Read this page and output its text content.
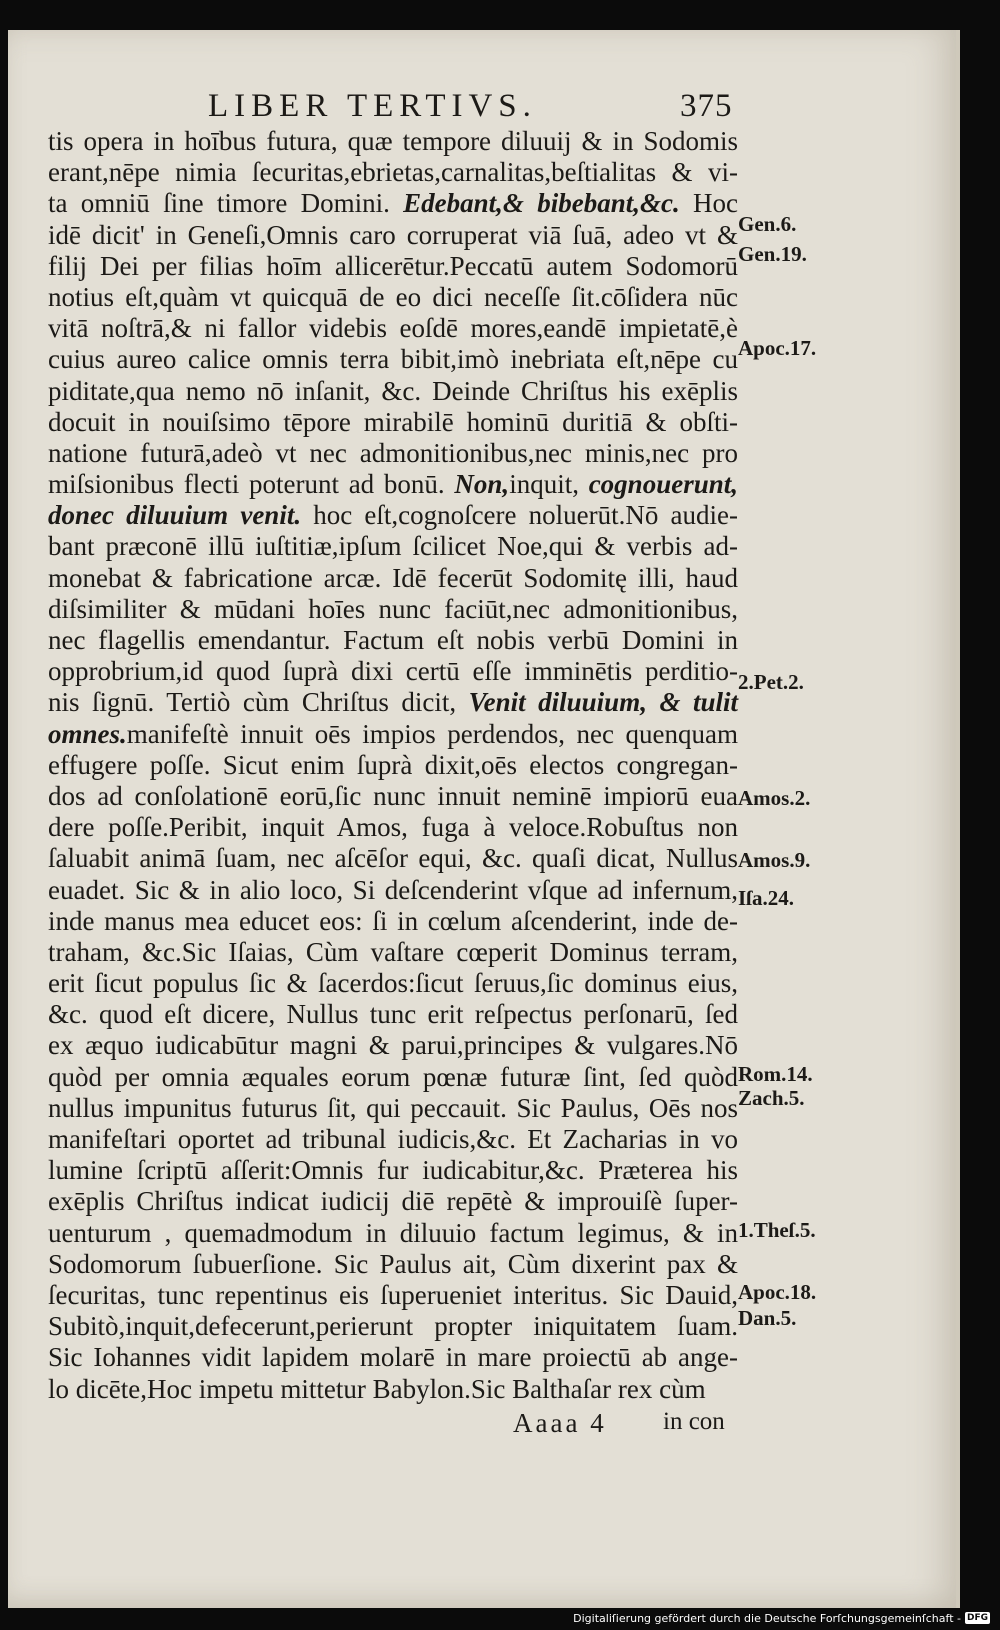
LIBER TERTIVS.	375
tis opera in hoībus futura, quæ tempore diluuij & in Sodomis
erant,nēpe nimia ſecuritas,ebrietas,carnalitas,beſtialitas & vi-
ta omniū ſine timore Domini. Edebant,& bibebant,&c. Hoc
idē dicit' in Geneſi,Omnis caro corruperat viā ſuā, adeo vt &
filij Dei per filias hoīm allicerētur.Peccatū autem Sodomorū
notius eſt,quàm vt quicquā de eo dici neceſſe ſit.cōſidera nūc
vitā noſtrā,& ni fallor videbis eoſdē mores,eandē impietatē,è
cuius aureo calice omnis terra bibit,imò inebriata eſt,nēpe cu
piditate,qua nemo nō inſanit, &c. Deinde Chriſtus his exēplis
docuit in nouiſsimo tēpore mirabilē hominū duritiā & obſti-
natione futurā,adeò vt nec admonitionibus,nec minis,nec pro
miſsionibus flecti poterunt ad bonū. Non,inquit, cognouerunt,
donec diluuium venit. hoc eſt,cognoſcere noluerūt.Nō audie-
bant præconē illū iuſtitiæ,ipſum ſcilicet Noe,qui & verbis ad-
monebat & fabricatione arcæ. Idē fecerūt Sodomitę illi, haud
diſsimiliter & mūdani hoīes nunc faciūt,nec admonitionibus,
nec flagellis emendantur. Factum eſt nobis verbū Domini in
opprobrium,id quod ſuprà dixi certū eſſe imminētis perditio-
nis ſignū. Tertiò cùm Chriſtus dicit, Venit diluuium, & tulit
omnes.manifeſtè innuit oēs impios perdendos, nec quenquam
effugere poſſe. Sicut enim ſuprà dixit,oēs electos congregan-
dos ad conſolationē eorū,ſic nunc innuit neminē impiorū eua
dere poſſe.Peribit, inquit Amos, fuga à veloce.Robuſtus non
ſaluabit animā ſuam, nec aſcēſor equi, &c. quaſi dicat, Nullus
euadet. Sic & in alio loco, Si deſcenderint vſque ad infernum,
inde manus mea educet eos: ſi in cœlum aſcenderint, inde de-
traham, &c.Sic Iſaias, Cùm vaſtare cœperit Dominus terram,
erit ſicut populus ſic & ſacerdos:ſicut ſeruus,ſic dominus eius,
&c. quod eſt dicere, Nullus tunc erit reſpectus perſonarū, ſed
ex æquo iudicabūtur magni & parui,principes & vulgares.Nō
quòd per omnia æquales eorum pœnæ futuræ ſint, ſed quòd
nullus impunitus futurus ſit, qui peccauit. Sic Paulus, Oēs nos
manifeſtari oportet ad tribunal iudicis,&c. Et Zacharias in vo
lumine ſcriptū aſſerit:Omnis fur iudicabitur,&c. Præterea his
exēplis Chriſtus indicat iudicij diē repētè & improuiſè ſuper-
uenturum , quemadmodum in diluuio factum legimus, & in
Sodomorum ſubuerſione. Sic Paulus ait, Cùm dixerint pax &
ſecuritas, tunc repentinus eis ſuperueniet interitus. Sic Dauid,
Subitò,inquit,defecerunt,perierunt propter iniquitatem ſuam.
Sic Iohannes vidit lapidem molarē in mare proiectū ab ange-
lo dicēte,Hoc impetu mittetur Babylon.Sic Balthaſar rex cùm
Gen.6.
Gen.19.
Apoc.17.
2.Pet.2.
Amos.2.
Amos.9.
Iſa.24.
Rom.14.
Zach.5.
1.Theſ.5.
Apoc.18.
Dan.5.
Aaaa 4 in con
Digitaliſierung gefördert durch die Deutsche Forſchungsgemeinſchaft - DFG
